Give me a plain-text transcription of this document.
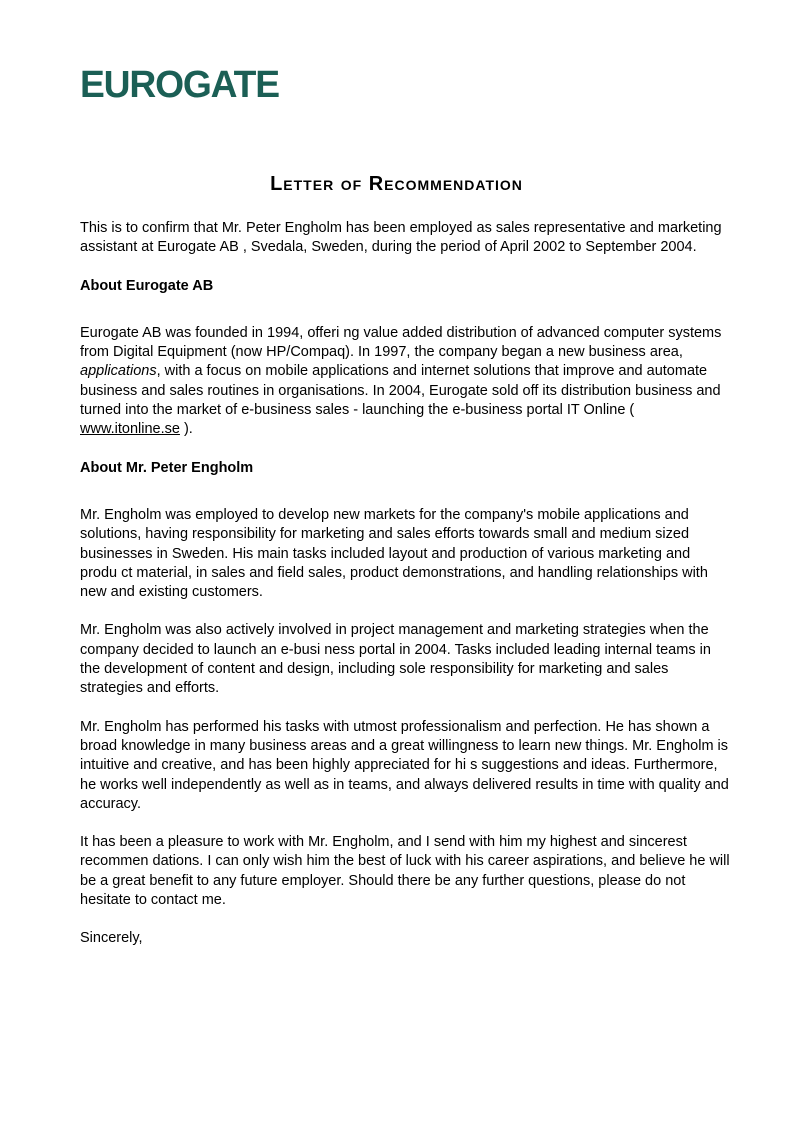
EUROGATE
Letter of Recommendation

This is to confirm that Mr. Peter Engholm has been employed as sales representative and marketing assistant at Eurogate AB , Svedala, Sweden, during the period of April 2002 to September 2004.

About Eurogate AB

Eurogate AB was founded in 1994, offeri ng value added distribution of advanced computer systems from Digital Equipment (now HP/Compaq). In 1997, the company began a new business area, applications, with a focus on mobile applications and internet solutions that improve and automate business and sales routines in organisations. In 2004, Eurogate sold off its distribution business and turned into the market of e-business sales - launching the e-business portal IT Online ( www.itonline.se ).

About Mr. Peter Engholm

Mr. Engholm was employed to develop new markets for the company's mobile applications and solutions, having responsibility for marketing and sales efforts towards small and medium sized businesses in Sweden. His main tasks included layout and production of various marketing and produ ct material, in sales and field sales, product demonstrations, and handling relationships with new and existing customers.

Mr. Engholm was also actively involved in project management and marketing strategies when the company decided to launch an e-busi ness portal in 2004. Tasks included leading internal teams in the development of content and design, including sole responsibility for marketing and sales strategies and efforts.

Mr. Engholm has performed his tasks with utmost professionalism and perfection. He has shown a broad knowledge in many business areas and a great willingness to learn new things. Mr. Engholm is intuitive and creative, and has been highly appreciated for hi s suggestions and ideas. Furthermore, he works well independently as well as in teams, and always delivered results in time with quality and accuracy.

It has been a pleasure to work with Mr. Engholm, and I send with him my highest and sincerest recommen dations. I can only wish him the best of luck with his career aspirations, and believe he will be a great benefit to any future employer. Should there be any further questions, please do not hesitate to contact me.

Sincerely,
